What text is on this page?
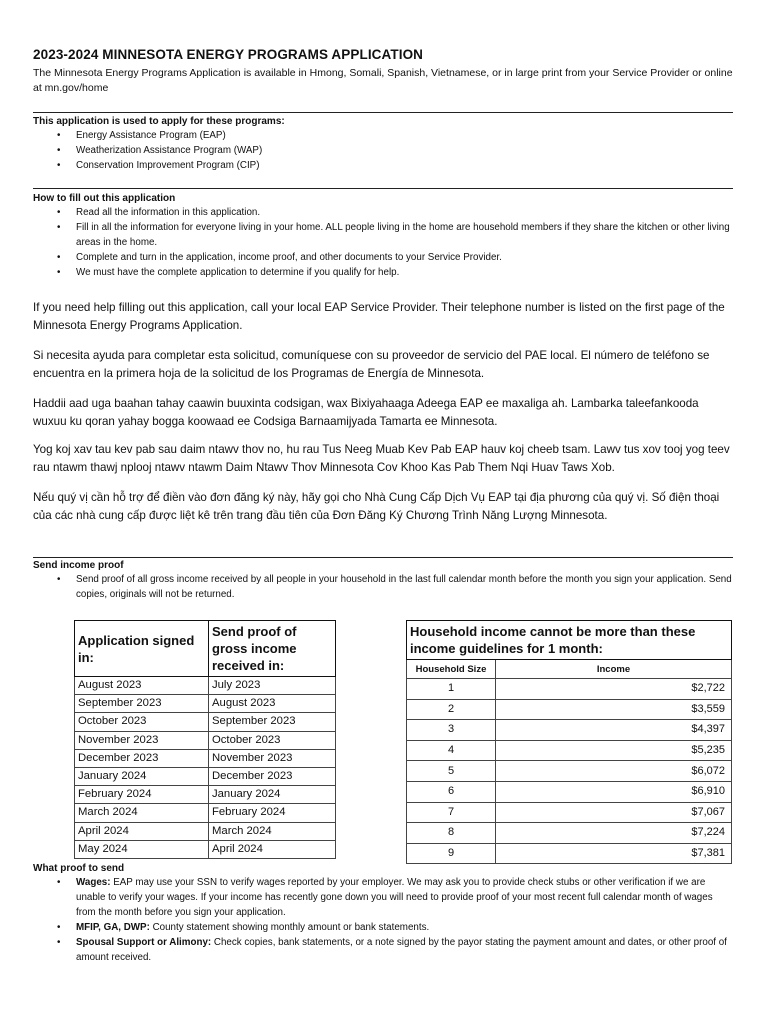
2023-2024 MINNESOTA ENERGY PROGRAMS APPLICATION
The Minnesota Energy Programs Application is available in Hmong, Somali, Spanish, Vietnamese, or in large print from your Service Provider or online at mn.gov/home
This application is used to apply for these programs:
• Energy Assistance Program (EAP)
• Weatherization Assistance Program (WAP)
• Conservation Improvement Program (CIP)
How to fill out this application
• Read all the information in this application.
• Fill in all the information for everyone living in your home. ALL people living in the home are household members if they share the kitchen or other living areas in the home.
• Complete and turn in the application, income proof, and other documents to your Service Provider.
• We must have the complete application to determine if you qualify for help.
If you need help filling out this application, call your local EAP Service Provider. Their telephone number is listed on the first page of the Minnesota Energy Programs Application.
Si necesita ayuda para completar esta solicitud, comuníquese con su proveedor de servicio del PAE local. El número de teléfono se encuentra en la primera hoja de la solicitud de los Programas de Energía de Minnesota.
Haddii aad uga baahan tahay caawin buuxinta codsigan, wax Bixiyahaaga Adeega EAP ee maxaliga ah. Lambarka taleefankooda wuxuu ku qoran yahay bogga koowaad ee Codsiga Barnaamijyada Tamarta ee Minnesota.
Yog koj xav tau kev pab sau daim ntawv thov no, hu rau Tus Neeg Muab Kev Pab EAP hauv koj cheeb tsam. Lawv tus xov tooj yog teev rau ntawm thawj nplooj ntawv ntawm Daim Ntawv Thov Minnesota Cov Khoo Kas Pab Them Nqi Huav Taws Xob.
Nếu quý vị cần hỗ trợ để điền vào đơn đăng ký này, hãy gọi cho Nhà Cung Cấp Dịch Vụ EAP tại địa phương của quý vị. Số điện thoại của các nhà cung cấp được liệt kê trên trang đầu tiên của Đơn Đăng Ký Chương Trình Năng Lượng Minnesota.
Send income proof
• Send proof of all gross income received by all people in your household in the last full calendar month before the month you sign your application. Send copies, originals will not be returned.
Application signed in:	Send proof of gross income received in:
August 2023	July 2023
September 2023	August 2023
October 2023	September 2023
November 2023	October 2023
December 2023	November 2023
January 2024	December 2023
February 2024	January 2024
March 2024	February 2024
April 2024	March 2024
May 2024	April 2024
Household income cannot be more than these income guidelines for 1 month:	
Household Size	Income
1	$2,722
2	$3,559
3	$4,397
4	$5,235
5	$6,072
6	$6,910
7	$7,067
8	$7,224
9	$7,381
What proof to send
• Wages: EAP may use your SSN to verify wages reported by your employer. We may ask you to provide check stubs or other verification if we are unable to verify your wages. If your income has recently gone down you will need to provide proof of your most recent full calendar month of wages from the month before you sign your application.
• MFIP, GA, DWP: County statement showing monthly amount or bank statements.
• Spousal Support or Alimony: Check copies, bank statements, or a note signed by the payor stating the payment amount and dates, or other proof of amount received.
